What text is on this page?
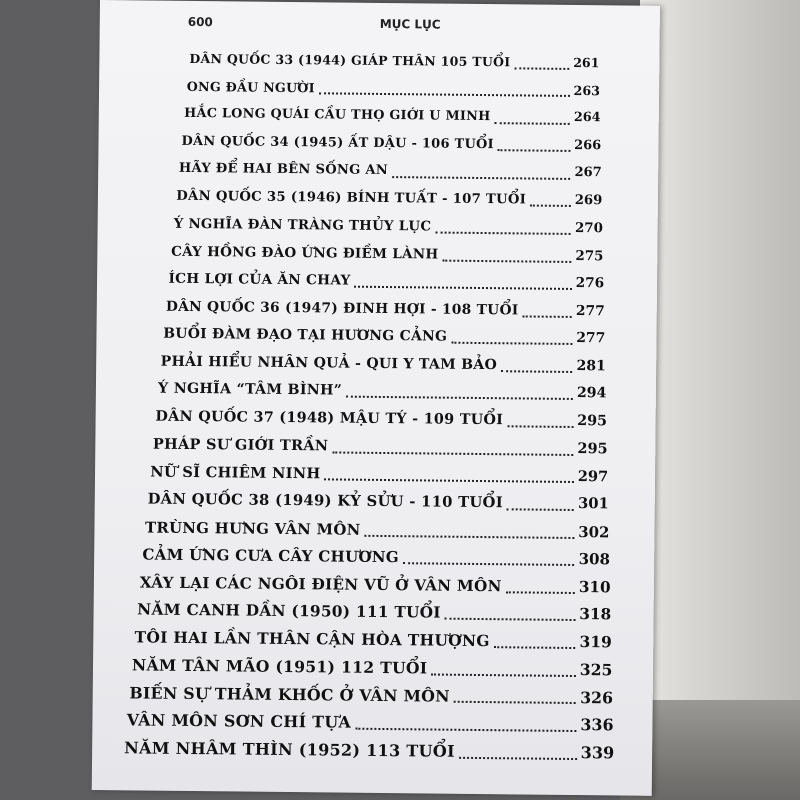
600	MỤC LỤC
DÂN QUỐC 33 (1944) GIÁP THÂN 105 TUỔI	261
ONG ĐẦU NGƯỜI	263
HẮC LONG QUÁI CẦU THỌ GIỚI U MINH	264
DÂN QUỐC 34 (1945) ẤT DẬU - 106 TUỔI	266
HÃY ĐỂ HAI BÊN SỐNG AN	267
DÂN QUỐC 35 (1946) BÍNH TUẤT - 107 TUỔI	269
Ý NGHĨA ĐÀN TRÀNG THỦY LỤC	270
CÂY HỒNG ĐÀO ỨNG ĐIỀM LÀNH	275
ÍCH LỢI CỦA ĂN CHAY	276
DÂN QUỐC 36 (1947) ĐINH HỢI - 108 TUỔI	277
BUỔI ĐÀM ĐẠO TẠI HƯƠNG CẢNG	277
PHẢI HIỂU NHÂN QUẢ - QUI Y TAM BẢO	281
Ý NGHĨA “TÂM BÌNH”	294
DÂN QUỐC 37 (1948) MẬU TÝ - 109 TUỔI	295
PHÁP SƯ GIỚI TRẦN	295
NỮ SĨ CHIÊM NINH	297
DÂN QUỐC 38 (1949) KỶ SỬU - 110 TUỔI	301
TRÙNG HƯNG VÂN MÔN	302
CẢM ỨNG CƯA CÂY CHƯƠNG	308
XÂY LẠI CÁC NGÔI ĐIỆN VŨ Ở VÂN MÔN	310
NĂM CANH DẦN (1950) 111 TUỔI	318
TÔI HAI LẦN THÂN CẬN HÒA THƯỢNG	319
NĂM TÂN MÃO (1951) 112 TUỔI	325
BIẾN SỰ THẢM KHỐC Ở VÂN MÔN	326
VÂN MÔN SƠN CHÍ TỰA	336
NĂM NHÂM THÌN (1952) 113 TUỔI	339
